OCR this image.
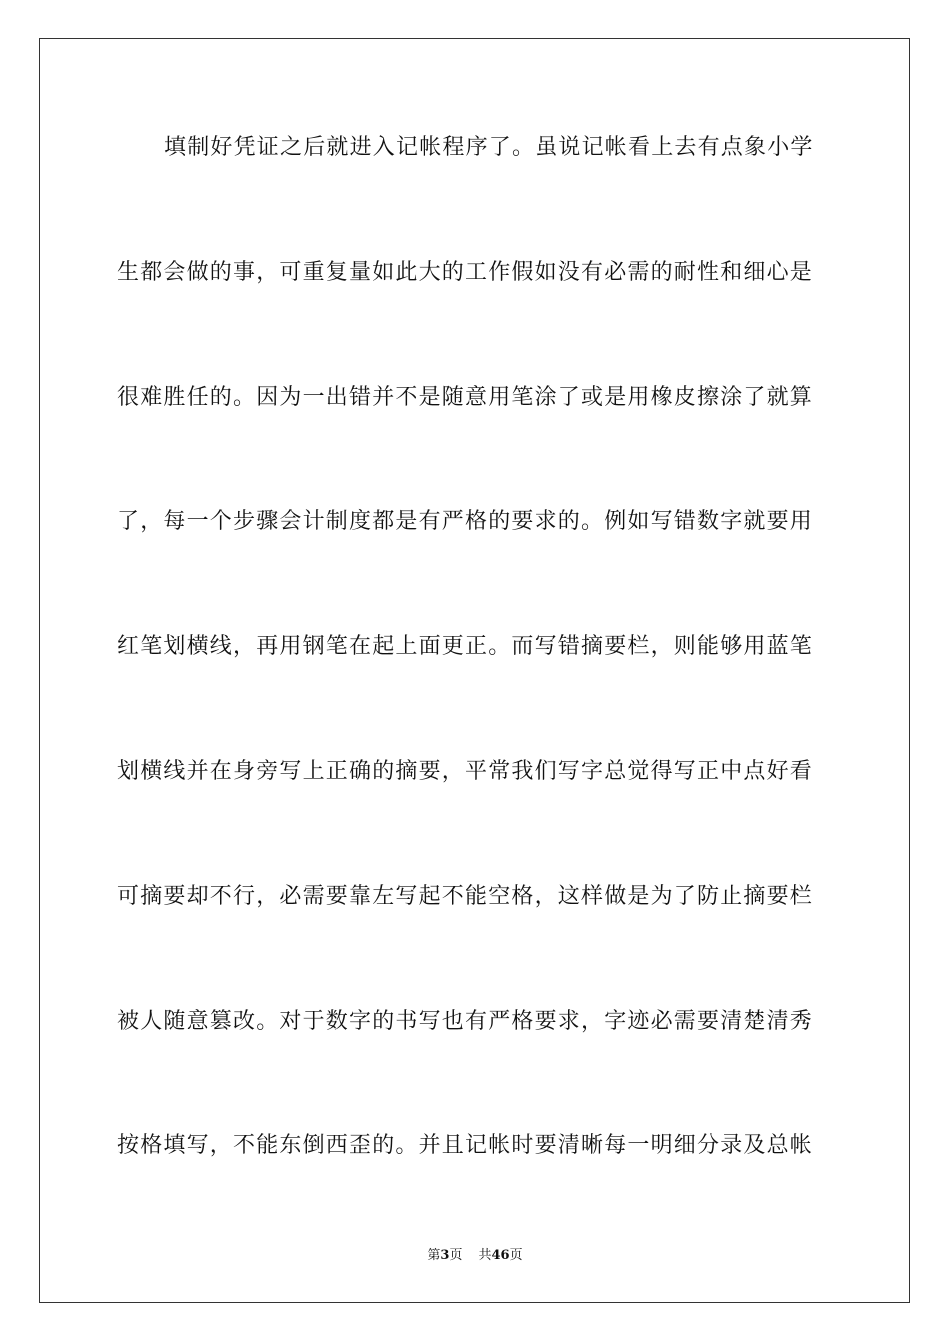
填制好凭证之后就进入记帐程序了。虽说记帐看上去有点象小学
生都会做的事，可重复量如此大的工作假如没有必需的耐性和细心是
很难胜任的。因为一出错并不是随意用笔涂了或是用橡皮擦涂了就算
了，每一个步骤会计制度都是有严格的要求的。例如写错数字就要用
红笔划横线，再用钢笔在起上面更正。而写错摘要栏，则能够用蓝笔
划横线并在身旁写上正确的摘要，平常我们写字总觉得写正中点好看
可摘要却不行，必需要靠左写起不能空格，这样做是为了防止摘要栏
被人随意篡改。对于数字的书写也有严格要求，字迹必需要清楚清秀
按格填写，不能东倒西歪的。并且记帐时要清晰每一明细分录及总帐
第3页 共46页
